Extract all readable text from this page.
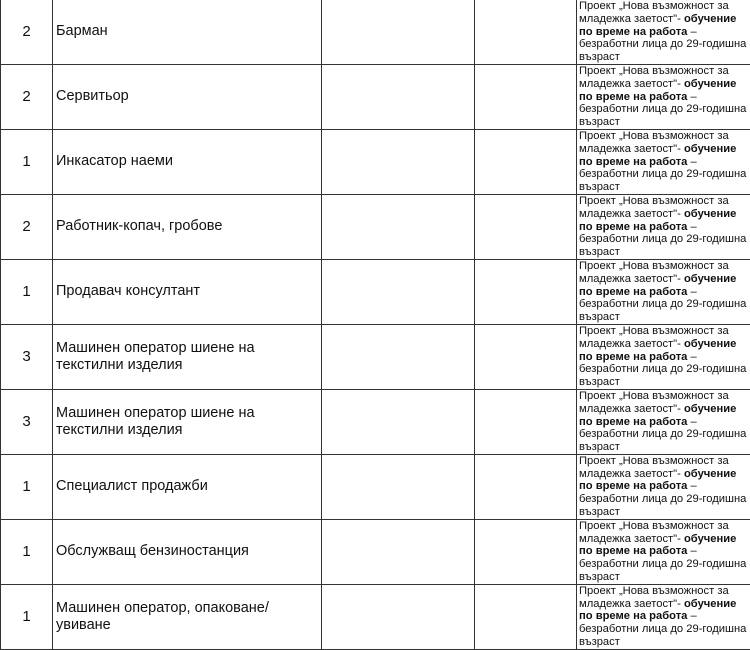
2	Барман			Проект „Нова възможност за младежка заетост"- обучение по време на работа – безработни лица до 29-годишна възраст
2	Сервитьор			Проект „Нова възможност за младежка заетост"- обучение по време на работа – безработни лица до 29-годишна възраст
1	Инкасатор наеми			Проект „Нова възможност за младежка заетост"- обучение по време на работа – безработни лица до 29-годишна възраст
2	Работник-копач, гробове			Проект „Нова възможност за младежка заетост"- обучение по време на работа – безработни лица до 29-годишна възраст
1	Продавач консултант			Проект „Нова възможност за младежка заетост"- обучение по време на работа – безработни лица до 29-годишна възраст
3	Машинен оператор шиене на текстилни изделия			Проект „Нова възможност за младежка заетост"- обучение по време на работа – безработни лица до 29-годишна възраст
3	Машинен оператор шиене на текстилни изделия			Проект „Нова възможност за младежка заетост"- обучение по време на работа – безработни лица до 29-годишна възраст
1	Специалист продажби			Проект „Нова възможност за младежка заетост"- обучение по време на работа – безработни лица до 29-годишна възраст
1	Обслужващ бензиностанция			Проект „Нова възможност за младежка заетост"- обучение по време на работа – безработни лица до 29-годишна възраст
1	Машинен оператор, опаковане/увиване			Проект „Нова възможност за младежка заетост"- обучение по време на работа – безработни лица до 29-годишна възраст
